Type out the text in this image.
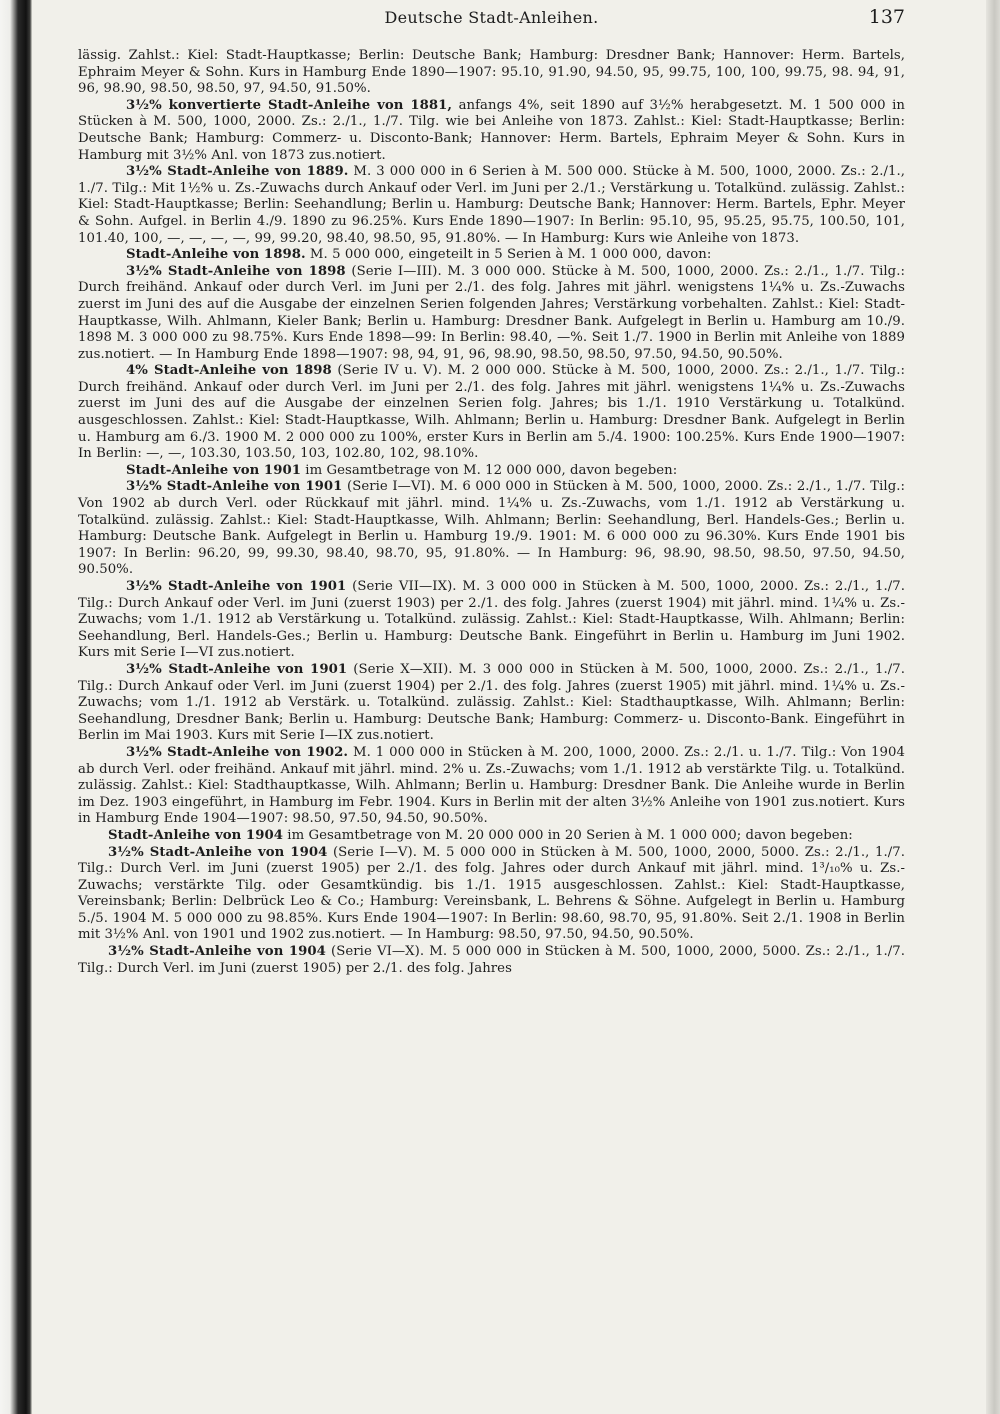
Deutsche Stadt-Anleihen.	137

lässig. Zahlst.: Kiel: Stadt-Hauptkasse; Berlin: Deutsche Bank; Hamburg: Dresdner Bank; Hannover: Herm. Bartels, Ephraim Meyer & Sohn. Kurs in Hamburg Ende 1890—1907: 95.10, 91.90, 94.50, 95, 99.75, 100, 100, 99.75, 98. 94, 91, 96, 98.90, 98.50, 98.50, 97, 94.50, 91.50%.

3½% konvertierte Stadt-Anleihe von 1881, anfangs 4%, seit 1890 auf 3½% herabgesetzt. M. 1 500 000 in Stücken à M. 500, 1000, 2000. Zs.: 2./1., 1./7. Tilg. wie bei Anleihe von 1873. Zahlst.: Kiel: Stadt-Hauptkasse; Berlin: Deutsche Bank; Hamburg: Commerz- u. Disconto-Bank; Hannover: Herm. Bartels, Ephraim Meyer & Sohn. Kurs in Hamburg mit 3½% Anl. von 1873 zus.notiert.

3½% Stadt-Anleihe von 1889. M. 3 000 000 in 6 Serien à M. 500 000. Stücke à M. 500, 1000, 2000. Zs.: 2./1., 1./7. Tilg.: Mit 1½% u. Zs.-Zuwachs durch Ankauf oder Verl. im Juni per 2./1.; Verstärkung u. Totalkünd. zulässig. Zahlst.: Kiel: Stadt-Hauptkasse; Berlin: Seehandlung; Berlin u. Hamburg: Deutsche Bank; Hannover: Herm. Bartels, Ephr. Meyer & Sohn. Aufgel. in Berlin 4./9. 1890 zu 96.25%. Kurs Ende 1890—1907: In Berlin: 95.10, 95, 95.25, 95.75, 100.50, 101, 101.40, 100, —, —, —, —, 99, 99.20, 98.40, 98.50, 95, 91.80%. — In Hamburg: Kurs wie Anleihe von 1873.

Stadt-Anleihe von 1898. M. 5 000 000, eingeteilt in 5 Serien à M. 1 000 000, davon:

3½% Stadt-Anleihe von 1898 (Serie I—III). M. 3 000 000. Stücke à M. 500, 1000, 2000. Zs.: 2./1., 1./7. Tilg.: Durch freihänd. Ankauf oder durch Verl. im Juni per 2./1. des folg. Jahres mit jährl. wenigstens 1¼% u. Zs.-Zuwachs zuerst im Juni des auf die Ausgabe der einzelnen Serien folgenden Jahres; Verstärkung vorbehalten. Zahlst.: Kiel: Stadt-Hauptkasse, Wilh. Ahlmann, Kieler Bank; Berlin u. Hamburg: Dresdner Bank. Aufgelegt in Berlin u. Hamburg am 10./9. 1898 M. 3 000 000 zu 98.75%. Kurs Ende 1898—99: In Berlin: 98.40, —%. Seit 1./7. 1900 in Berlin mit Anleihe von 1889 zus.notiert. — In Hamburg Ende 1898—1907: 98, 94, 91, 96, 98.90, 98.50, 98.50, 97.50, 94.50, 90.50%.

4% Stadt-Anleihe von 1898 (Serie IV u. V). M. 2 000 000. Stücke à M. 500, 1000, 2000. Zs.: 2./1., 1./7. Tilg.: Durch freihänd. Ankauf oder durch Verl. im Juni per 2./1. des folg. Jahres mit jährl. wenigstens 1¼% u. Zs.-Zuwachs zuerst im Juni des auf die Ausgabe der einzelnen Serien folg. Jahres; bis 1./1. 1910 Verstärkung u. Totalkünd. ausgeschlossen. Zahlst.: Kiel: Stadt-Hauptkasse, Wilh. Ahlmann; Berlin u. Hamburg: Dresdner Bank. Aufgelegt in Berlin u. Hamburg am 6./3. 1900 M. 2 000 000 zu 100%, erster Kurs in Berlin am 5./4. 1900: 100.25%. Kurs Ende 1900—1907: In Berlin: —, —, 103.30, 103.50, 103, 102.80, 102, 98.10%.

Stadt-Anleihe von 1901 im Gesamtbetrage von M. 12 000 000, davon begeben:

3½% Stadt-Anleihe von 1901 (Serie I—VI). M. 6 000 000 in Stücken à M. 500, 1000, 2000. Zs.: 2./1., 1./7. Tilg.: Von 1902 ab durch Verl. oder Rückkauf mit jährl. mind. 1¼% u. Zs.-Zuwachs, vom 1./1. 1912 ab Verstärkung u. Totalkünd. zulässig. Zahlst.: Kiel: Stadt-Hauptkasse, Wilh. Ahlmann; Berlin: Seehandlung, Berl. Handels-Ges.; Berlin u. Hamburg: Deutsche Bank. Aufgelegt in Berlin u. Hamburg 19./9. 1901: M. 6 000 000 zu 96.30%. Kurs Ende 1901 bis 1907: In Berlin: 96.20, 99, 99.30, 98.40, 98.70, 95, 91.80%. — In Hamburg: 96, 98.90, 98.50, 98.50, 97.50, 94.50, 90.50%.

3½% Stadt-Anleihe von 1901 (Serie VII—IX). M. 3 000 000 in Stücken à M. 500, 1000, 2000. Zs.: 2./1., 1./7. Tilg.: Durch Ankauf oder Verl. im Juni (zuerst 1903) per 2./1. des folg. Jahres (zuerst 1904) mit jährl. mind. 1¼% u. Zs.-Zuwachs; vom 1./1. 1912 ab Verstärkung u. Totalkünd. zulässig. Zahlst.: Kiel: Stadt-Hauptkasse, Wilh. Ahlmann; Berlin: Seehandlung, Berl. Handels-Ges.; Berlin u. Hamburg: Deutsche Bank. Eingeführt in Berlin u. Hamburg im Juni 1902. Kurs mit Serie I—VI zus.notiert.

3½% Stadt-Anleihe von 1901 (Serie X—XII). M. 3 000 000 in Stücken à M. 500, 1000, 2000. Zs.: 2./1., 1./7. Tilg.: Durch Ankauf oder Verl. im Juni (zuerst 1904) per 2./1. des folg. Jahres (zuerst 1905) mit jährl. mind. 1¼% u. Zs.-Zuwachs; vom 1./1. 1912 ab Verstärk. u. Totalkünd. zulässig. Zahlst.: Kiel: Stadthauptkasse, Wilh. Ahlmann; Berlin: Seehandlung, Dresdner Bank; Berlin u. Hamburg: Deutsche Bank; Hamburg: Commerz- u. Disconto-Bank. Eingeführt in Berlin im Mai 1903. Kurs mit Serie I—IX zus.notiert.

3½% Stadt-Anleihe von 1902. M. 1 000 000 in Stücken à M. 200, 1000, 2000. Zs.: 2./1. u. 1./7. Tilg.: Von 1904 ab durch Verl. oder freihänd. Ankauf mit jährl. mind. 2% u. Zs.-Zuwachs; vom 1./1. 1912 ab verstärkte Tilg. u. Totalkünd. zulässig. Zahlst.: Kiel: Stadthauptkasse, Wilh. Ahlmann; Berlin u. Hamburg: Dresdner Bank. Die Anleihe wurde in Berlin im Dez. 1903 eingeführt, in Hamburg im Febr. 1904. Kurs in Berlin mit der alten 3½% Anleihe von 1901 zus.notiert. Kurs in Hamburg Ende 1904—1907: 98.50, 97.50, 94.50, 90.50%.

Stadt-Anleihe von 1904 im Gesamtbetrage von M. 20 000 000 in 20 Serien à M. 1 000 000; davon begeben:

3½% Stadt-Anleihe von 1904 (Serie I—V). M. 5 000 000 in Stücken à M. 500, 1000, 2000, 5000. Zs.: 2./1., 1./7. Tilg.: Durch Verl. im Juni (zuerst 1905) per 2./1. des folg. Jahres oder durch Ankauf mit jährl. mind. 1³/₁₀% u. Zs.-Zuwachs; verstärkte Tilg. oder Gesamtkündig. bis 1./1. 1915 ausgeschlossen. Zahlst.: Kiel: Stadt-Hauptkasse, Vereinsbank; Berlin: Delbrück Leo & Co.; Hamburg: Vereinsbank, L. Behrens & Söhne. Aufgelegt in Berlin u. Hamburg 5./5. 1904 M. 5 000 000 zu 98.85%. Kurs Ende 1904—1907: In Berlin: 98.60, 98.70, 95, 91.80%. Seit 2./1. 1908 in Berlin mit 3½% Anl. von 1901 und 1902 zus.notiert. — In Hamburg: 98.50, 97.50, 94.50, 90.50%.

3½% Stadt-Anleihe von 1904 (Serie VI—X). M. 5 000 000 in Stücken à M. 500, 1000, 2000, 5000. Zs.: 2./1., 1./7. Tilg.: Durch Verl. im Juni (zuerst 1905) per 2./1. des folg. Jahres
